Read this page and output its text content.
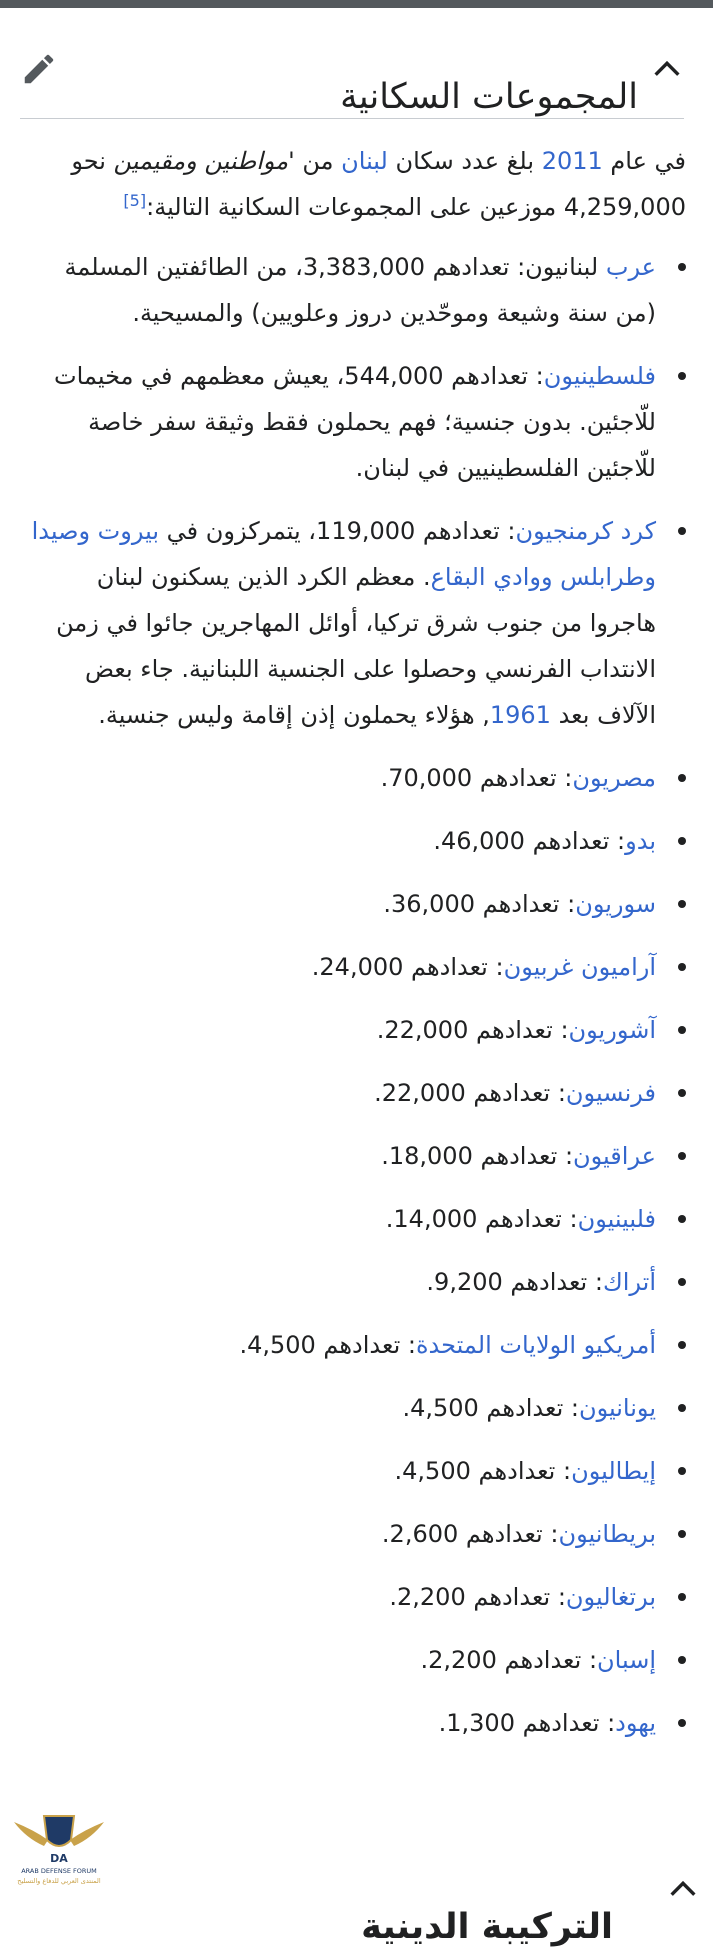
المجموعات السكانية

في عام 2011 بلغ عدد سكان لبنان من 'مواطنين ومقيمين نحو 4,259,000 موزعين على المجموعات السكانية التالية:[5]

عرب لبنانيون: تعدادهم 3,383,000، من الطائفتين المسلمة (من سنة وشيعة وموحّدين دروز وعلويين) والمسيحية.
فلسطينيون: تعدادهم 544,000، يعيش معظمهم في مخيمات للّاجئين. بدون جنسية؛ فهم يحملون فقط وثيقة سفر خاصة للّاجئين الفلسطينيين في لبنان.
كرد كرمنجيون: تعدادهم 119,000، يتمركزون في بيروت وصيدا وطرابلس ووادي البقاع. معظم الكرد الذين يسكنون لبنان هاجروا من جنوب شرق تركيا، أوائل المهاجرين جائوا في زمن الانتداب الفرنسي وحصلوا على الجنسية اللبنانية. جاء بعض الآلاف بعد 1961, هؤلاء يحملون إذن إقامة وليس جنسية.
مصريون: تعدادهم 70,000.
بدو: تعدادهم 46,000.
سوريون: تعدادهم 36,000.
آراميون غربيون: تعدادهم 24,000.
آشوريون: تعدادهم 22,000.
فرنسيون: تعدادهم 22,000.
عراقيون: تعدادهم 18,000.
فلبينيون: تعدادهم 14,000.
أتراك: تعدادهم 9,200.
أمريكيو الولايات المتحدة: تعدادهم 4,500.
يونانيون: تعدادهم 4,500.
إيطاليون: تعدادهم 4,500.
بريطانيون: تعدادهم 2,600.
برتغاليون: تعدادهم 2,200.
إسبان: تعدادهم 2,200.
يهود: تعدادهم 1,300.
DA
ARAB DEFENSE FORUM
المنتدى العربي للدفاع والتسليح
التركيبة الدينية
